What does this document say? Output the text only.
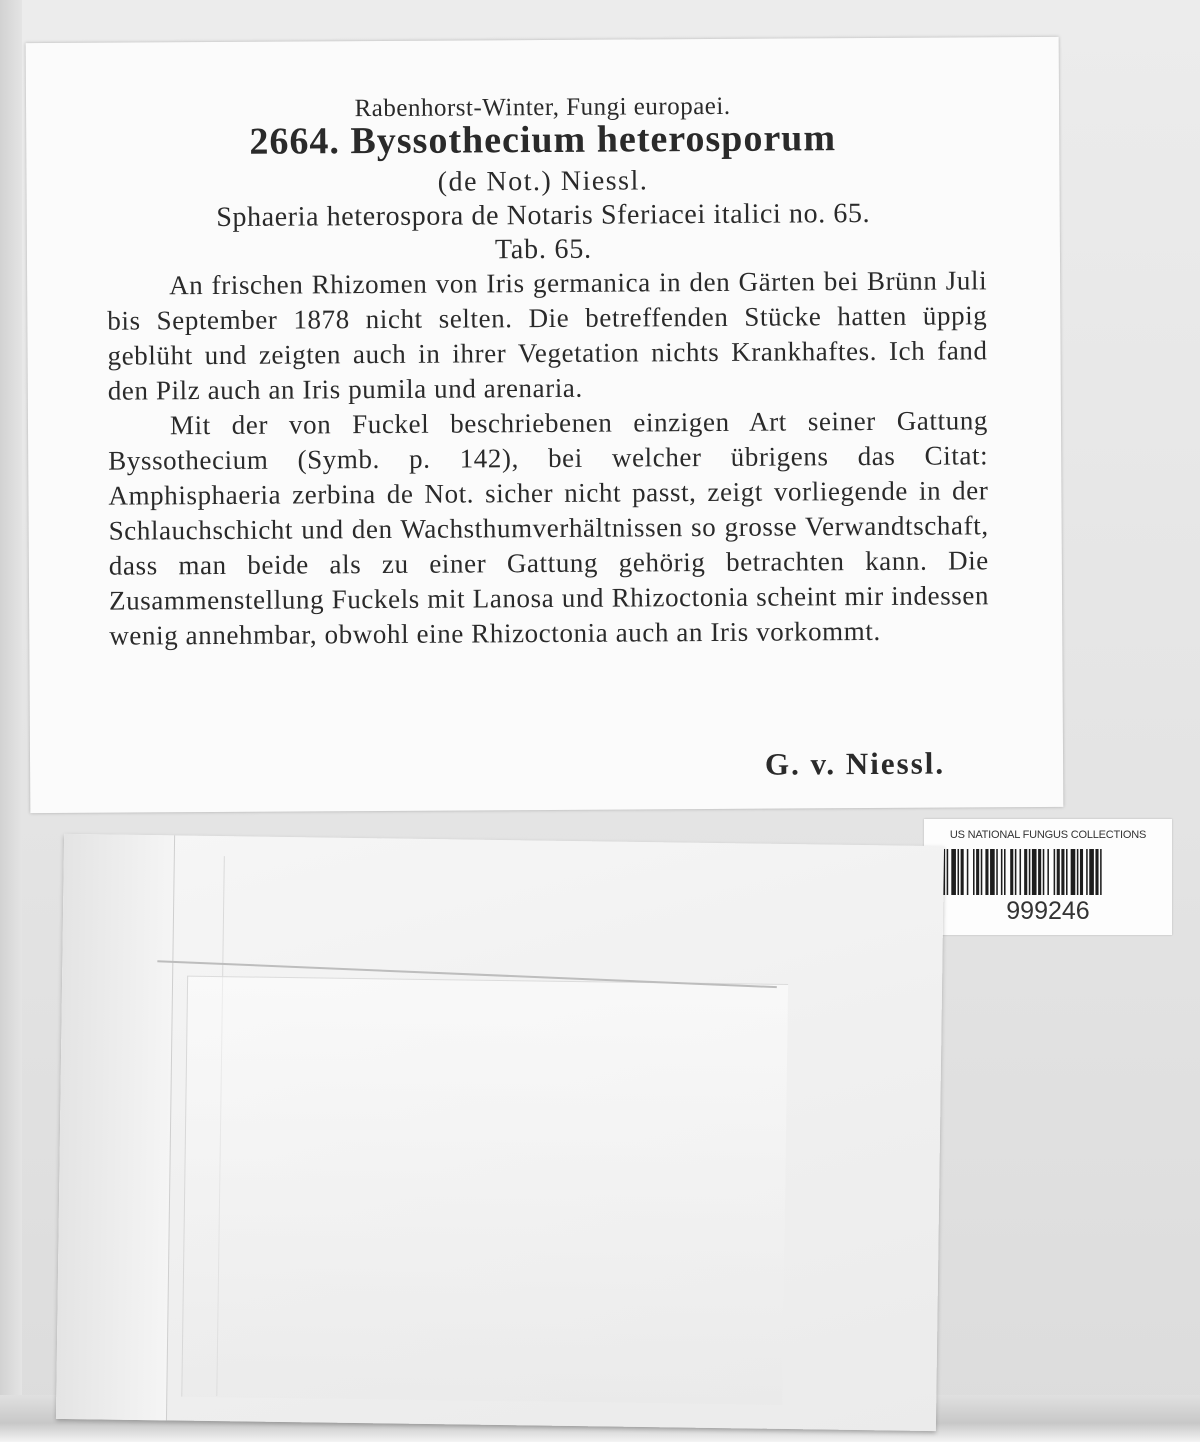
Rabenhorst-Winter, Fungi europaei.
2664. Byssothecium heterosporum
(de Not.) Niessl.
Sphaeria heterospora de Notaris Sferiacei italici no. 65.
Tab. 65.

An frischen Rhizomen von Iris germanica in den Gärten bei Brünn Juli bis September 1878 nicht selten. Die betreffenden Stücke hatten üppig geblüht und zeigten auch in ihrer Vegetation nichts Krankhaftes. Ich fand den Pilz auch an Iris pumila und arenaria.

Mit der von Fuckel beschriebenen einzigen Art seiner Gattung Byssothecium (Symb. p. 142), bei welcher übrigens das Citat: Amphisphaeria zerbina de Not. sicher nicht passt, zeigt vorliegende in der Schlauchschicht und den Wachsthumverhältnissen so grosse Verwandtschaft, dass man beide als zu einer Gattung gehörig betrachten kann. Die Zusammenstellung Fuckels mit Lanosa und Rhizoctonia scheint mir indessen wenig annehmbar, obwohl eine Rhizoctonia auch an Iris vorkommt.

G. v. Niessl.
US NATIONAL FUNGUS COLLECTIONS
999246
